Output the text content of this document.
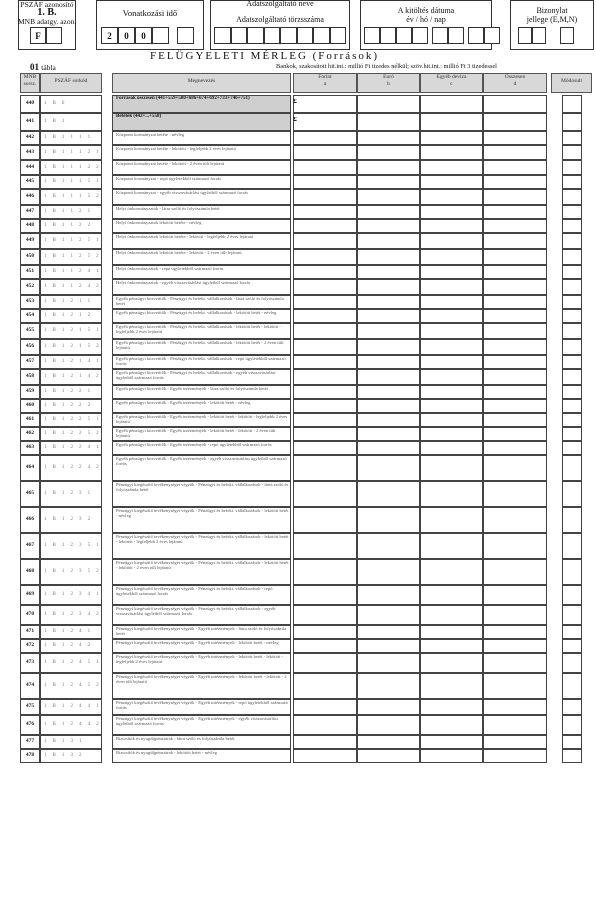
PSZÁF azonosító
1. B.
MNB adatgy. azon.
F
Vonatkozási idő
2	0	0
Adatszolgáltató neve
Adatszolgáltató törzsszáma
A kitöltés dátuma
év / hó / nap
Bizonylat
jellege (E,M,N)
FELÜGYELETI MÉRLEG (Források)
01 tábla	Bankok, szakosított hit.int.: millió Ft tizedes nélkül; szöv.hit.int.: millió Ft 3 tizedessel
MNB sorsz.	PSZÁF sorkód	Megnevezés
Forint
a
Euró
b
Egyéb deviza
c
Összesen
d	Módosult
440	1 B 0
Források összesen (441+559+580+686+674+692+733+746+751)
Σ
441	1 B 1
Betétek (442+...+558)
Σ
442	1 B 1 1 1 1
Központi kormányzat betéte - névleg
443	1 B 1 1 1 2 1
Központi kormányzat betéte - lekötött - legfeljebb 2 éves lejáratú
444	1 B 1 1 1 2 2
Központi kormányzat betéte - lekötött - 2 éven túli lejáratú
445	1 B 1 1 1 5 1
Központi kormányzat - repó ügyletekből származó forrás
446	1 B 1 1 1 5 2
Központi kormányzat - egyéb visszavásárlási ügyletből származó forrás
447	1 B 1 1 2 1
Helyi önkormányzatok - látra szóló és folyószámla betét
448	1 B 1 1 2 2
Helyi önkormányzatok lekötött betéte - névleg
449	1 B 1 1 2 5 1
Helyi önkormányzatok lekötött betéte - lekötött - legfeljebb 2 éves lejáratú
450	1 B 1 1 2 5 2
Helyi önkormányzatok lekötött betéte - lekötött - 2 éven túli lejáratú
451	1 B 1 1 2 4 1
Helyi önkormányzatok - repó ügyletekből származó forrás
452	1 B 1 1 2 4 2
Helyi önkormányzatok - egyéb visszavásárlási ügyletből származó forrás
453	1 B 1 2 1 1
Egyéb pénzügyi közvetítők - Pénzügyi és befekt. vállalkozások - látra szóló és folyószámla betét
454	1 B 1 2 1 2
Egyéb pénzügyi közvetítők - Pénzügyi és befekt. vállalkozások - lekötött betét - névleg
455	1 B 1 2 1 5 1
Egyéb pénzügyi közvetítők - Pénzügyi és befekt. vállalkozások - lekötött betét - lekötött - legfeljebb 2 éves lejáratú
456	1 B 1 2 1 5 2
Egyéb pénzügyi közvetítők - Pénzügyi és befekt. vállalkozások - lekötött betét - 2 éven túli lejáratú
457	1 B 1 2 1 4 1
Egyéb pénzügyi közvetítők - Pénzügyi és befekt. vállalkozások - repó ügyletekből származó forrás
458	1 B 1 2 1 4 2
Egyéb pénzügyi közvetítők - Pénzügyi és befekt. vállalkozások - egyéb visszavásárlási ügyletből származó forrás
459	1 B 1 2 2 1
Egyéb pénzügyi közvetítők - Egyéb intézmények - látra szóló és folyószámla betét
460	1 B 1 2 2 2
Egyéb pénzügyi közvetítők - Egyéb intézmények - lekötött betét - névleg
461	1 B 1 2 2 5 1
Egyéb pénzügyi közvetítők - Egyéb intézmények - lekötött betét - lekötött - legfeljebb 2 éves lejáratú
462	1 B 1 2 2 5 2
Egyéb pénzügyi közvetítők - Egyéb intézmények - lekötött betét - lekötött - 2 éven túli lejáratú
463	1 B 1 2 2 4 1
Egyéb pénzügyi közvetítők - Egyéb intézmények - repó ügyletekből származó forrás
464	1 B 1 2 2 4 2
Egyéb pénzügyi közvetítők - Egyéb intézmények - egyéb visszavásárlási ügyletből származó forrás
465	1 B 1 2 3 1
Pénzügyi kiegészítő tevékenységet végzők - Pénzügyi és befekt. vállalkozások - látra szóló és folyószámla betét
466	1 B 1 2 3 2
Pénzügyi kiegészítő tevékenységet végzők - Pénzügyi és befekt. vállalkozások - lekötött betét - névleg
467	1 B 1 2 3 5 1
Pénzügyi kiegészítő tevékenységet végzők - Pénzügyi és befekt. vállalkozások - lekötött betét - lekötött - legfeljebb 2 éves lejáratú
468	1 B 1 2 3 5 2
Pénzügyi kiegészítő tevékenységet végzők - Pénzügyi és befekt. vállalkozások - lekötött betét - lekötött - 2 éven túli lejáratú
469	1 B 1 2 3 4 1
Pénzügyi kiegészítő tevékenységet végzők - Pénzügyi és befekt. vállalkozások - repó ügyletekből származó forrás
470	1 B 1 2 3 4 2
Pénzügyi kiegészítő tevékenységet végzők - Pénzügyi és befekt. vállalkozások - egyéb visszavásárlási ügyletből származó forrás
471	1 B 1 2 4 1
Pénzügyi kiegészítő tevékenységet végzők - Egyéb intézmények - látra szóló és folyószámla betét
472	1 B 1 2 4 2
Pénzügyi kiegészítő tevékenységet végzők - Egyéb intézmények - lekötött betét - névleg
473	1 B 1 2 4 5 1
Pénzügyi kiegészítő tevékenységet végzők - Egyéb intézmények - lekötött betét - lekötött - legfeljebb 2 éves lejáratú
474	1 B 1 2 4 5 2
Pénzügyi kiegészítő tevékenységet végzők - Egyéb intézmények - lekötött betét - lekötött - 2 éven túli lejáratú
475	1 B 1 2 4 4 1
Pénzügyi kiegészítő tevékenységet végzők - Egyéb intézmények - repó ügyletekből származó forrás
476	1 B 1 2 4 4 2
Pénzügyi kiegészítő tevékenységet végzők - Egyéb intézmények - egyéb visszavásárlási ügyletből származó forrás
477	1 B 1 3 1
Biztosítók és nyugdíjpénztárak - látra szóló és folyószámla betét
478	1 B 1 3 2
Biztosítók és nyugdíjpénztárak - lekötött betét - névleg
